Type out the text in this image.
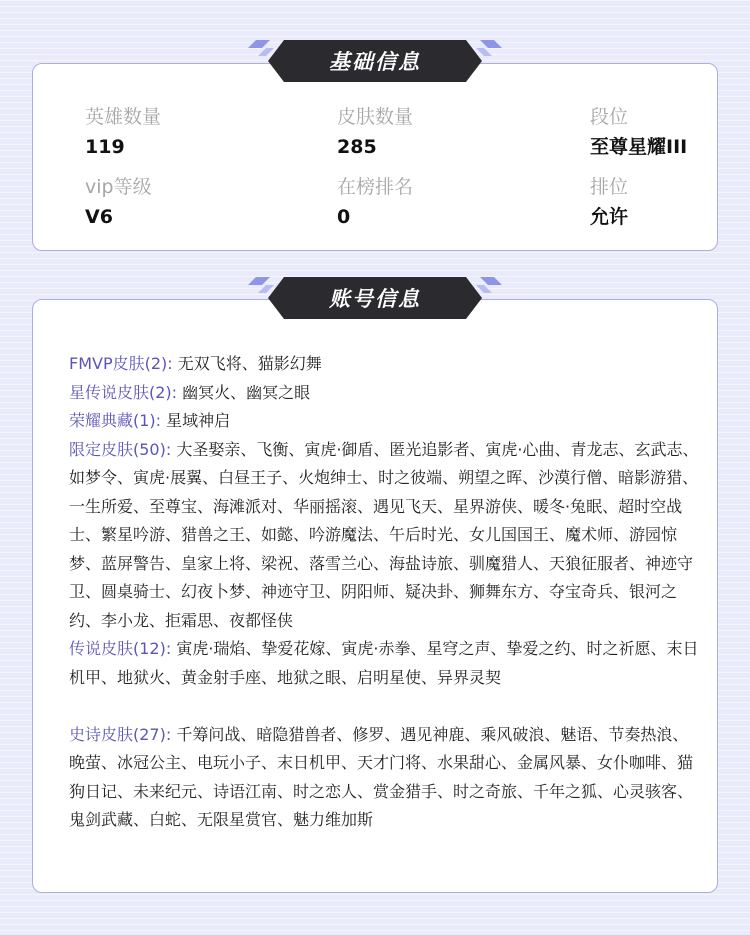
英雄数量
119
皮肤数量
285
段位
至尊星耀III
vip等级
V6
在榜排名
0
排位
允许
基础信息
FMVP皮肤(2): 无双飞将、猫影幻舞
星传说皮肤(2): 幽冥火、幽冥之眼
荣耀典藏(1): 星域神启
限定皮肤(50): 大圣娶亲、飞衡、寅虎·御盾、匿光追影者、寅虎·心曲、青龙志、玄武志、如梦令、寅虎·展翼、白昼王子、火炮绅士、时之彼端、朔望之晖、沙漠行僧、暗影游猎、一生所爱、至尊宝、海滩派对、华丽摇滚、遇见飞天、星界游侠、暖冬·兔眠、超时空战士、繁星吟游、猎兽之王、如懿、吟游魔法、午后时光、女儿国国王、魔术师、游园惊梦、蓝屏警告、皇家上将、梁祝、落雪兰心、海盐诗旅、驯魔猎人、天狼征服者、神迹守卫、圆桌骑士、幻夜卜梦、神迹守卫、阴阳师、疑决卦、狮舞东方、夺宝奇兵、银河之约、李小龙、拒霜思、夜都怪侠
传说皮肤(12): 寅虎·瑞焰、挚爱花嫁、寅虎·赤拳、星穹之声、挚爱之约、时之祈愿、末日机甲、地狱火、黄金射手座、地狱之眼、启明星使、异界灵契
史诗皮肤(27): 千筹问战、暗隐猎兽者、修罗、遇见神鹿、乘风破浪、魅语、节奏热浪、晚萤、冰冠公主、电玩小子、末日机甲、天才门将、水果甜心、金属风暴、女仆咖啡、猫狗日记、未来纪元、诗语江南、时之恋人、赏金猎手、时之奇旅、千年之狐、心灵骇客、鬼剑武藏、白蛇、无限星赏官、魅力维加斯
账号信息
